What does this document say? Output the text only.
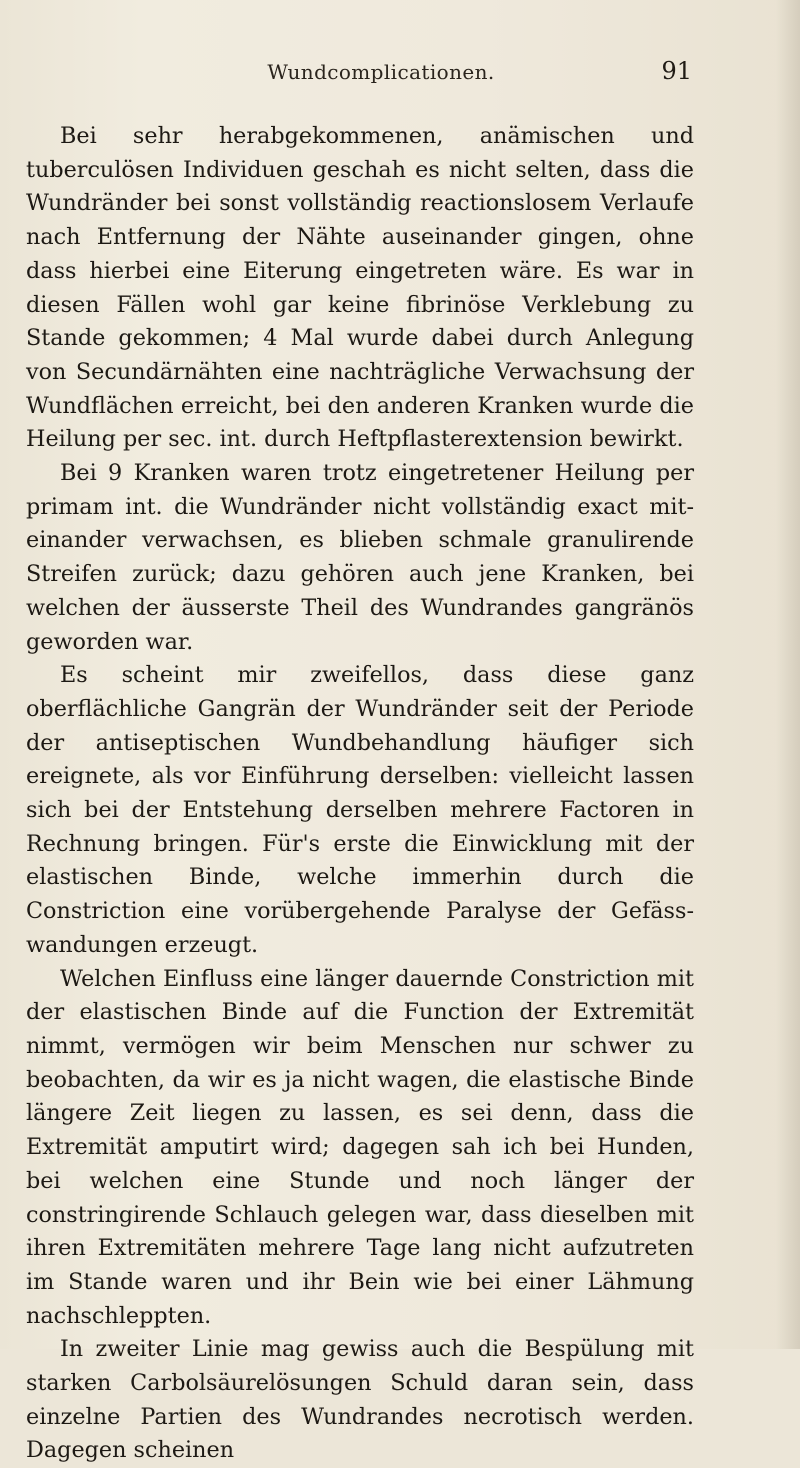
Wundcomplicationen.	91

Bei sehr herabgekommenen, anämischen und tuberculösen Individuen geschah es nicht selten, dass die Wundränder bei sonst vollständig reactionslosem Verlaufe nach Entfernung der Nähte auseinander gingen, ohne dass hierbei eine Eiterung eingetreten wäre. Es war in diesen Fällen wohl gar keine fibrinöse Verklebung zu Stande gekommen; 4 Mal wurde dabei durch Anlegung von Secundärnähten eine nachträgliche Verwachsung der Wundflächen erreicht, bei den anderen Kranken wurde die Heilung per sec. int. durch Heftpflasterextension bewirkt.

Bei 9 Kranken waren trotz eingetretener Heilung per primam int. die Wundränder nicht vollständig exact miteinander verwachsen, es blieben schmale granulirende Streifen zurück; dazu gehören auch jene Kranken, bei welchen der äusserste Theil des Wundrandes gangränös geworden war.

Es scheint mir zweifellos, dass diese ganz oberflächliche Gangrän der Wundränder seit der Periode der antiseptischen Wundbehandlung häufiger sich ereignete, als vor Einführung derselben: vielleicht lassen sich bei der Entstehung derselben mehrere Factoren in Rechnung bringen. Für's erste die Einwicklung mit der elastischen Binde, welche immerhin durch die Constriction eine vorübergehende Paralyse der Gefässwandungen erzeugt.

Welchen Einfluss eine länger dauernde Constriction mit der elastischen Binde auf die Function der Extremität nimmt, vermögen wir beim Menschen nur schwer zu beobachten, da wir es ja nicht wagen, die elastische Binde längere Zeit liegen zu lassen, es sei denn, dass die Extremität amputirt wird; dagegen sah ich bei Hunden, bei welchen eine Stunde und noch länger der constringirende Schlauch gelegen war, dass dieselben mit ihren Extremitäten mehrere Tage lang nicht aufzutreten im Stande waren und ihr Bein wie bei einer Lähmung nachschleppten.

In zweiter Linie mag gewiss auch die Bespülung mit starken Carbolsäurelösungen Schuld daran sein, dass einzelne Partien des Wundrandes necrotisch werden. Dagegen scheinen
